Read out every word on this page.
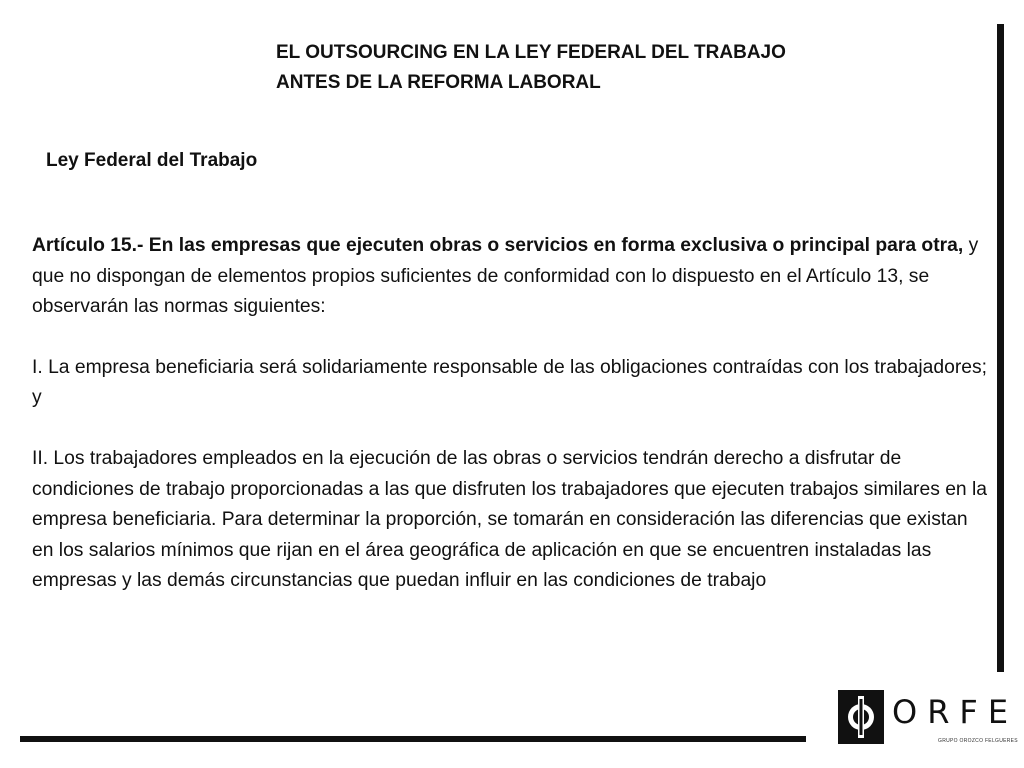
EL OUTSOURCING EN LA LEY FEDERAL DEL TRABAJO
ANTES DE LA REFORMA LABORAL
Ley Federal del Trabajo

Artículo 15.- En las empresas que ejecuten obras o servicios en forma exclusiva o principal para otra, y que no dispongan de elementos propios suficientes de conformidad con lo dispuesto en el Artículo 13, se observarán las normas siguientes:

I. La empresa beneficiaria será solidariamente responsable de las obligaciones contraídas con los trabajadores; y

II. Los trabajadores empleados en la ejecución de las obras o servicios tendrán derecho a disfrutar de condiciones de trabajo proporcionadas a las que disfruten los trabajadores que ejecuten trabajos similares en la empresa beneficiaria. Para determinar la proporción, se tomarán en consideración las diferencias que existan
en los salarios mínimos que rijan en el área geográfica de aplicación en que se encuentren instaladas las empresas y las demás circunstancias que puedan influir en las condiciones de trabajo

ORFE
GRUPO OROZCO FELGUERES
